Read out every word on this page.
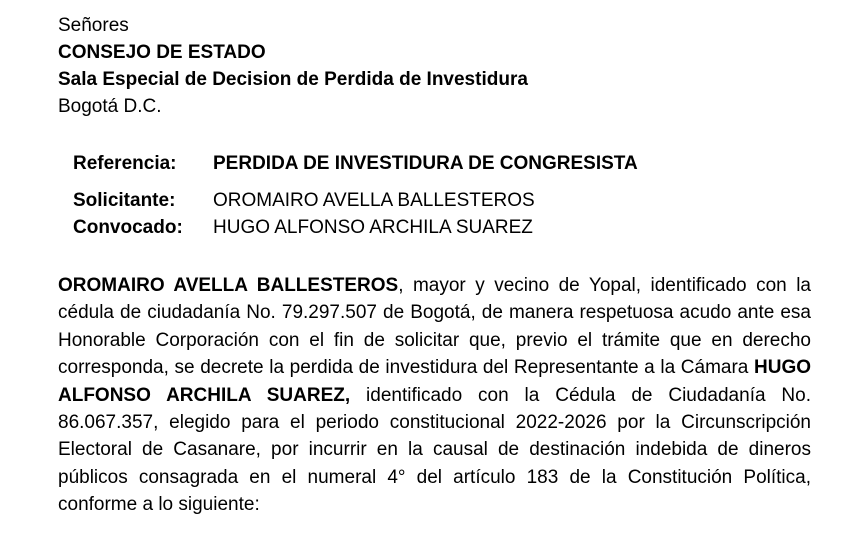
Señores
CONSEJO DE ESTADO
Sala Especial de Decision de Perdida de Investidura
Bogotá D.C.
Referencia: PERDIDA DE INVESTIDURA DE CONGRESISTA
Solicitante: OROMAIRO AVELLA BALLESTEROS
Convocado: HUGO ALFONSO ARCHILA SUAREZ
OROMAIRO AVELLA BALLESTEROS, mayor y vecino de Yopal, identificado con la cédula de ciudadanía No. 79.297.507 de Bogotá, de manera respetuosa acudo ante esa Honorable Corporación con el fin de solicitar que, previo el trámite que en derecho corresponda, se decrete la perdida de investidura del Representante a la Cámara HUGO ALFONSO ARCHILA SUAREZ, identificado con la Cédula de Ciudadanía No. 86.067.357, elegido para el periodo constitucional 2022-2026 por la Circunscripción Electoral de Casanare, por incurrir en la causal de destinación indebida de dineros públicos consagrada en el numeral 4° del artículo 183 de la Constitución Política, conforme a lo siguiente:
